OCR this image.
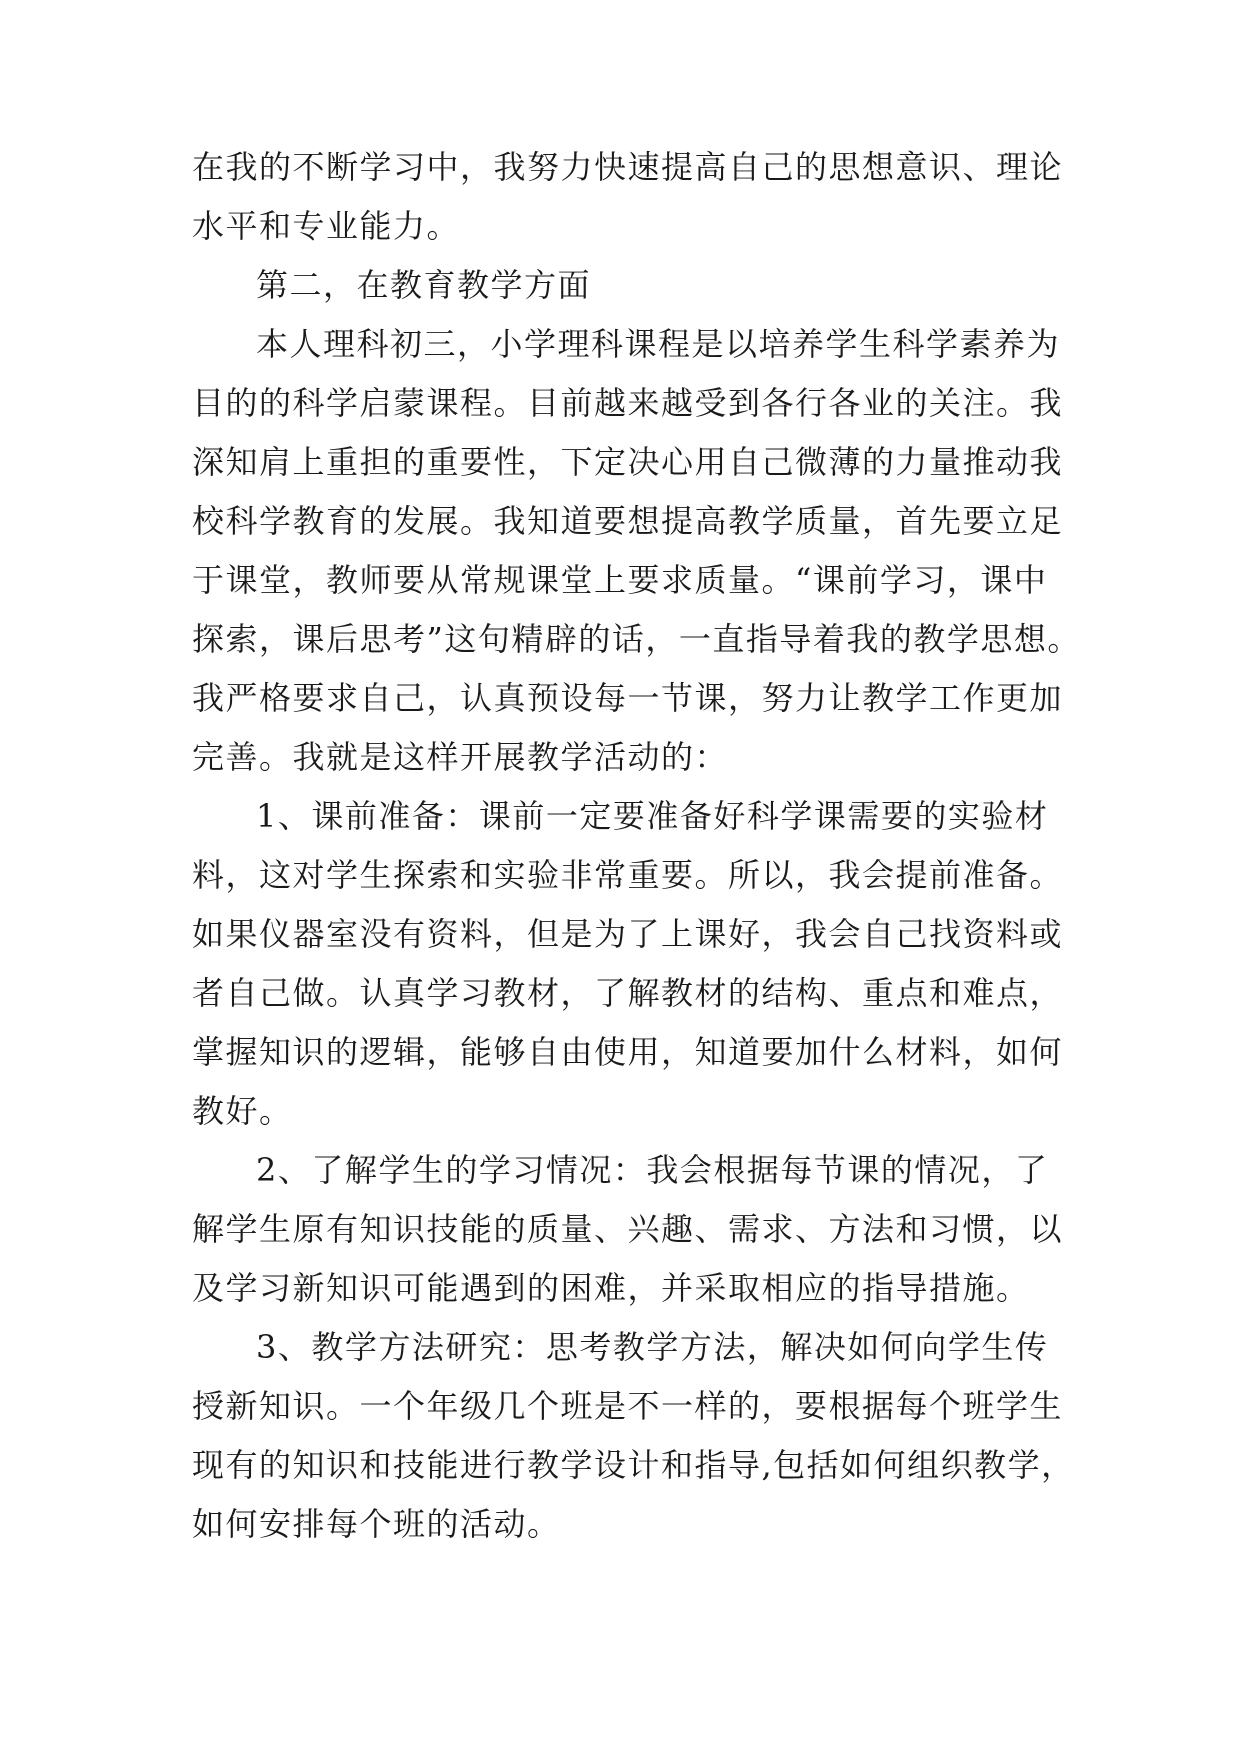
在我的不断学习中，我努力快速提高自己的思想意识、理论
水平和专业能力。
第二，在教育教学方面
本人理科初三，小学理科课程是以培养学生科学素养为
目的的科学启蒙课程。目前越来越受到各行各业的关注。我
深知肩上重担的重要性，下定决心用自己微薄的力量推动我
校科学教育的发展。我知道要想提高教学质量，首先要立足
于课堂，教师要从常规课堂上要求质量。“课前学习，课中
探索，课后思考”这句精辟的话，一直指导着我的教学思想。
我严格要求自己，认真预设每一节课，努力让教学工作更加
完善。我就是这样开展教学活动的：
1、课前准备：课前一定要准备好科学课需要的实验材
料，这对学生探索和实验非常重要。所以，我会提前准备。
如果仪器室没有资料，但是为了上课好，我会自己找资料或
者自己做。认真学习教材，了解教材的结构、重点和难点，
掌握知识的逻辑，能够自由使用，知道要加什么材料，如何
教好。
2、了解学生的学习情况：我会根据每节课的情况，了
解学生原有知识技能的质量、兴趣、需求、方法和习惯，以
及学习新知识可能遇到的困难，并采取相应的指导措施。
3、教学方法研究：思考教学方法，解决如何向学生传
授新知识。一个年级几个班是不一样的，要根据每个班学生
现有的知识和技能进行教学设计和指导,包括如何组织教学，
如何安排每个班的活动。
